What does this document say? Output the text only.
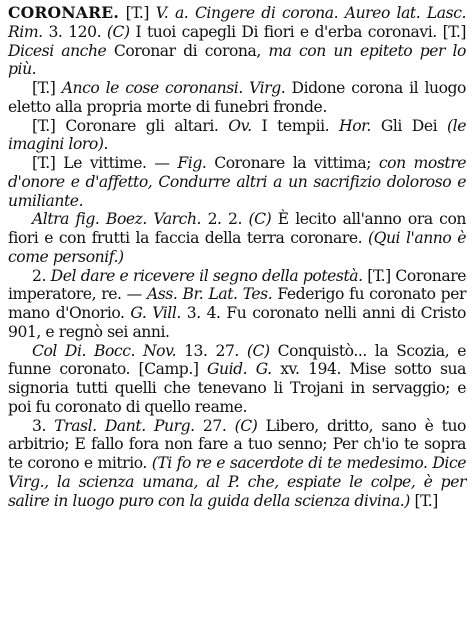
CORONARE. [T.] V. a. Cingere di corona. Aureo lat. Lasc. Rim. 3. 120. (C) I tuoi capegli Di fiori e d'erba coronavi. [T.] Dicesi anche Coronar di corona, ma con un epiteto per lo più.

[T.] Anco le cose coronansi. Virg. Didone corona il luogo eletto alla propria morte di funebri fronde.

[T.] Coronare gli altari. Ov. I tempii. Hor. Gli Dei (le imagini loro).

[T.] Le vittime. — Fig. Coronare la vittima; con mostre d'onore e d'affetto, Condurre altri a un sacrifizio doloroso e umiliante.

Altra fig. Boez. Varch. 2. 2. (C) È lecito all'anno ora con fiori e con frutti la faccia della terra coronare. (Qui l'anno è come personif.)

2. Del dare e ricevere il segno della potestà. [T.] Coronare imperatore, re. — Ass. Br. Lat. Tes. Federigo fu coronato per mano d'Onorio. G. Vill. 3. 4. Fu coronato nelli anni di Cristo 901, e regnò sei anni.

Col Di. Bocc. Nov. 13. 27. (C) Conquistò... la Scozia, e funne coronato. [Camp.] Guid. G. xv. 194. Mise sotto sua signoria tutti quelli che tenevano li Trojani in servaggio; e poi fu coronato di quello reame.

3. Trasl. Dant. Purg. 27. (C) Libero, dritto, sano è tuo arbitrio; E fallo fora non fare a tuo senno; Per ch'io te sopra te corono e mitrio. (Ti fo re e sacerdote di te medesimo. Dice Virg., la scienza umana, al P. che, espiate le colpe, è per salire in luogo puro con la guida della scienza divina.) [T.]
